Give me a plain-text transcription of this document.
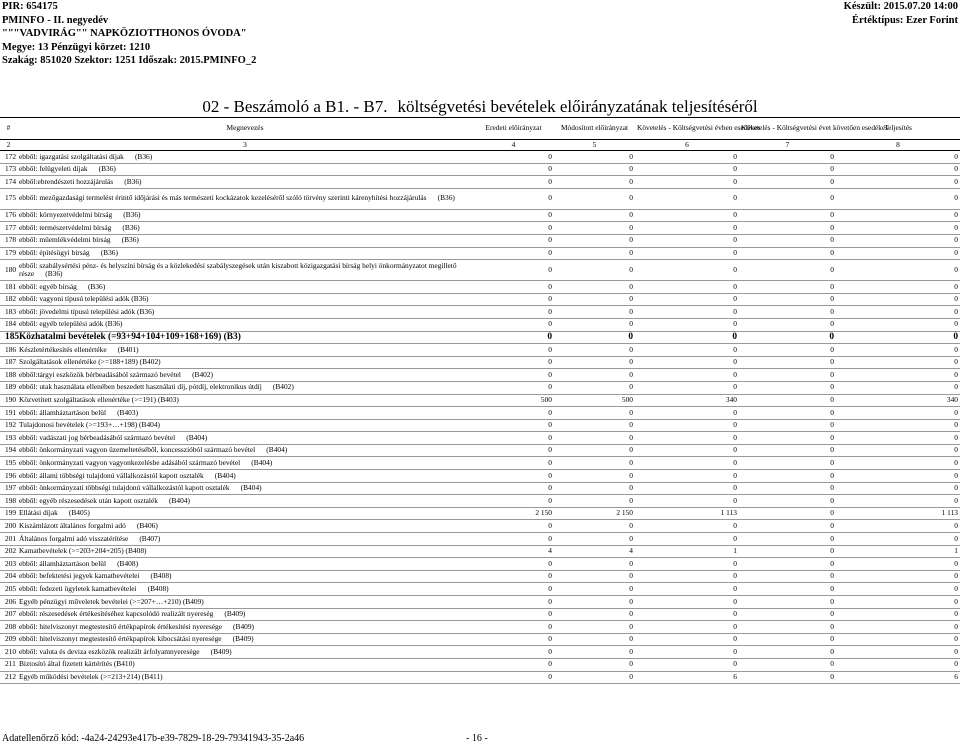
PIR: 654175
PMINFO - II. negyedév
"""VADVIRÁG"" NAPKÖZIOTTHONOS ÓVODA"
Megye: 13 Pénzügyi körzet: 1210
Szakág: 851020 Szektor: 1251 Időszak: 2015.PMINFO_2
Készült: 2015.07.20 14:00
Értéktípus: Ezer Forint
02 - Beszámoló a B1. - B7. költségvetési bevételek előirányzatának teljesítéséről
#	Megnevezés	Eredeti előirányzat	Módosított előirányzat	Követelés - Költségvetési évben esedékes	Követelés - Költségvetési évet követően esedékes	Teljesítés
2	3	4	5	6	7	8
172	ebből: igazgatási szolgáltatási díjak      (B36)	0	0	0	0	0
173	ebből: felügyeleti díjak      (B36)	0	0	0	0	0
174	ebből:ebrendészeti hozzájárulás      (B36)	0	0	0	0	0
175	ebből: mezőgazdasági termelést érintő időjárási és más természeti kockázatok kezeléséről szóló törvény szerinti kárenyhítési hozzájárulás      (B36)	0	0	0	0	0
176	ebből: környezetvédelmi bírság      (B36)	0	0	0	0	0
177	ebből: természetvédelmi bírság      (B36)	0	0	0	0	0
178	ebből: műemlékvédelmi bírság      (B36)	0	0	0	0	0
179	ebből: építésügyi bírság      (B36)	0	0	0	0	0
180	ebből: szabálysértési pénz- és helyszíni bírság és a közlekedési szabályszegések után kiszabott közigazgatási bírság helyi önkormányzatot megillető része      (B36)	0	0	0	0	0
181	ebből: egyéb bírság      (B36)	0	0	0	0	0
182	ebből: vagyoni típusú települési adók (B36)	0	0	0	0	0
183	ebből: jövedelmi típusú települési adók (B36)	0	0	0	0	0
184	ebből: egyéb települési adók (B36)	0	0	0	0	0
185	Közhatalmi bevételek (=93+94+104+109+168+169) (B3)	0	0	0	0	0
186	Készletértékesítés ellenértéke      (B401)	0	0	0	0	0
187	Szolgáltatások ellenértéke (>=188+189) (B402)	0	0	0	0	0
188	ebből:tárgyi eszközök bérbeadásából származó bevétel      (B402)	0	0	0	0	0
189	ebből: utak használata ellenében beszedett használati díj, pótdíj, elektronikus útdíj      (B402)	0	0	0	0	0
190	Közvetített szolgáltatások ellenértéke (>=191) (B403)	500	500	340	0	340
191	ebből: államháztartáson belül      (B403)	0	0	0	0	0
192	Tulajdonosi bevételek (>=193+…+198) (B404)	0	0	0	0	0
193	ebből: vadászati jog bérbeadásából származó bevétel      (B404)	0	0	0	0	0
194	ebből: önkormányzati vagyon üzemeltetéséből, koncesszióból származó bevétel      (B404)	0	0	0	0	0
195	ebből: önkormányzati vagyon vagyonkezelésbe adásából származó bevétel      (B404)	0	0	0	0	0
196	ebből: állami többségi tulajdonú vállalkozástól kapott osztalék      (B404)	0	0	0	0	0
197	ebből: önkormányzati többségi tulajdonú vállalkozástól kapott osztalék      (B404)	0	0	0	0	0
198	ebből: egyéb részesedések után kapott osztalék      (B404)	0	0	0	0	0
199	Ellátási díjak      (B405)	2 150	2 150	1 113	0	1 113
200	Kiszámlázott általános forgalmi adó      (B406)	0	0	0	0	0
201	Általános forgalmi adó visszatérítése      (B407)	0	0	0	0	0
202	Kamatbevételek (>=203+204+205) (B408)	4	4	1	0	1
203	ebből: államháztartáson belül      (B408)	0	0	0	0	0
204	ebből: befektetési jegyek kamatbevételei      (B408)	0	0	0	0	0
205	ebből: fedezeti ügyletek kamatbevételei      (B408)	0	0	0	0	0
206	Egyéb pénzügyi műveletek bevételei (>=207+…+210) (B409)	0	0	0	0	0
207	ebből: részesedések értékesítéséhez kapcsolódó realizált nyereség      (B409)	0	0	0	0	0
208	ebből: hitelviszonyt megtestesítő értékpapírok értékesítési nyeresége      (B409)	0	0	0	0	0
209	ebből: hitelviszonyt megtestesítő értékpapírok kibocsátási nyeresége      (B409)	0	0	0	0	0
210	ebből: valuta és deviza eszközök realizált árfolyamnyeresége      (B409)	0	0	0	0	0
211	Biztosító által fizetett kártérítés (B410)	0	0	0	0	0
212	Egyéb működési bevételek (>=213+214) (B411)	0	0	6	0	6
Adatellenőrző kód: -4a24-24293e417b-e39-7829-18-29-79341943-35-2a46	- 16 -
